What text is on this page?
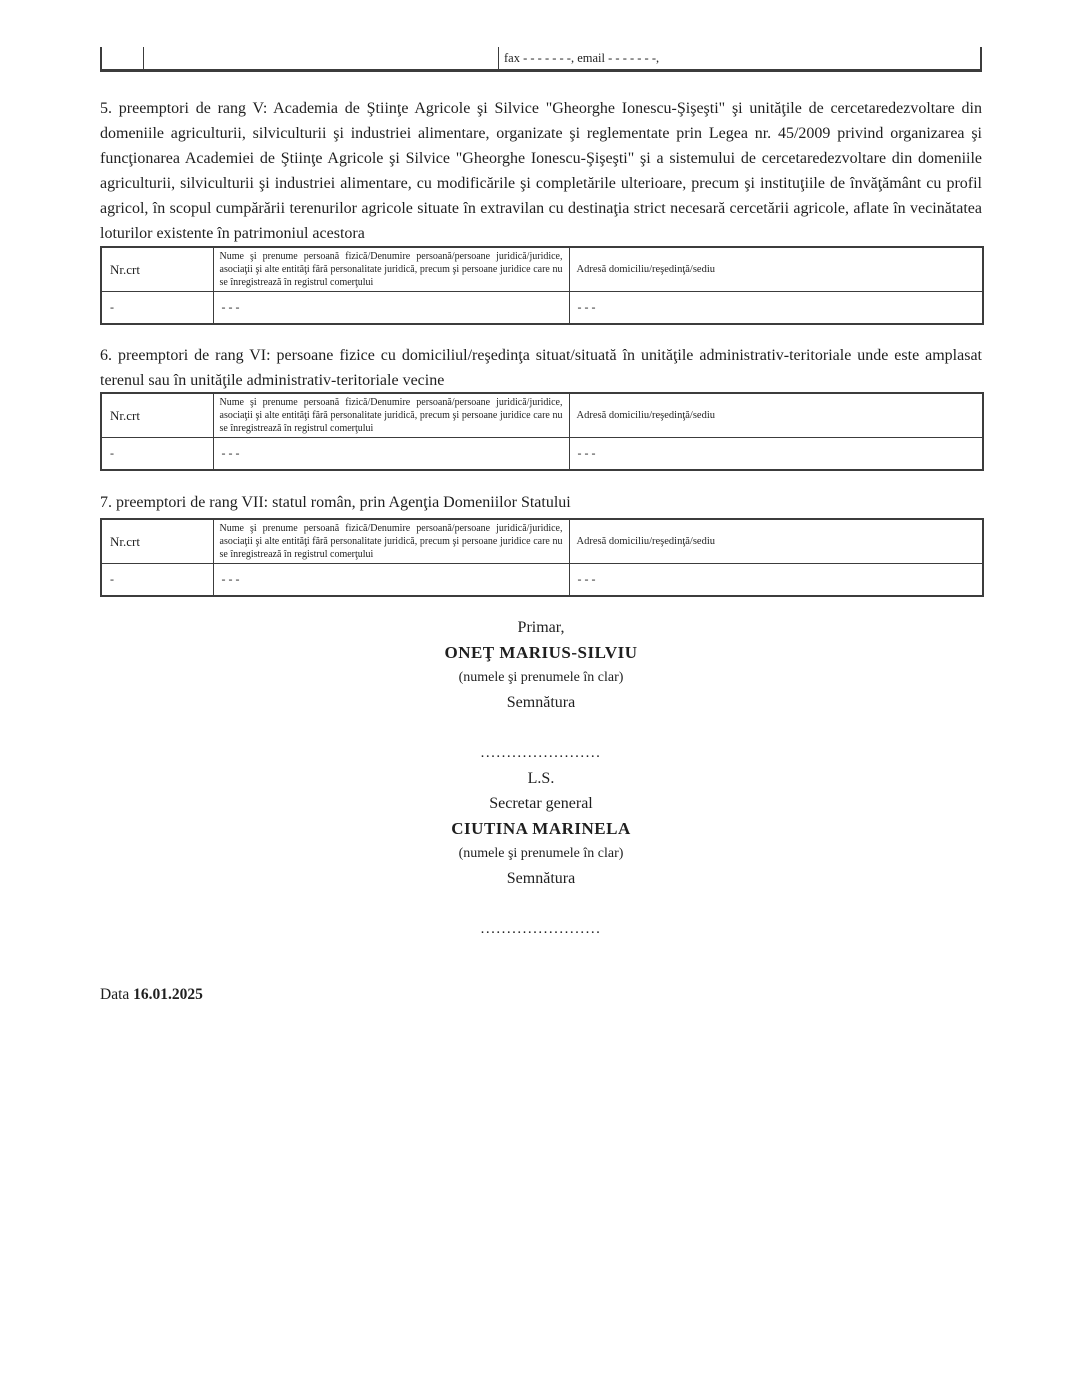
fax - - - - - - -, email - - - - - - -,

5. preemptori de rang V: Academia de Ştiinţe Agricole şi Silvice "Gheorghe Ionescu-Şişeşti" şi unităţile de cercetaredezvoltare din domeniile agriculturii, silviculturii şi industriei alimentare, organizate şi reglementate prin Legea nr. 45/2009 privind organizarea şi funcţionarea Academiei de Ştiinţe Agricole şi Silvice "Gheorghe Ionescu-Şişeşti" şi a sistemului de cercetaredezvoltare din domeniile agriculturii, silviculturii şi industriei alimentare, cu modificările şi completările ulterioare, precum şi instituţiile de învăţământ cu profil agricol, în scopul cumpărării terenurilor agricole situate în extravilan cu destinaţia strict necesară cercetării agricole, aflate în vecinătatea loturilor existente în patrimoniul acestora

Nr.crt	Nume şi prenume persoană fizică/Denumire persoană/persoane juridică/juridice, asociaţii şi alte entităţi fără personalitate juridică, precum şi persoane juridice care nu se înregistrează în registrul comerţului	Adresă domiciliu/reşedinţă/sediu
-	- - -	- - -

6. preemptori de rang VI: persoane fizice cu domiciliul/reşedinţa situat/situată în unităţile administrativ-teritoriale unde este amplasat terenul sau în unităţile administrativ-teritoriale vecine

Nr.crt	Nume şi prenume persoană fizică/Denumire persoană/persoane juridică/juridice, asociaţii şi alte entităţi fără personalitate juridică, precum şi persoane juridice care nu se înregistrează în registrul comerţului	Adresă domiciliu/reşedinţă/sediu
-	- - -	- - -

7. preemptori de rang VII: statul român, prin Agenţia Domeniilor Statului

Nr.crt	Nume şi prenume persoană fizică/Denumire persoană/persoane juridică/juridice, asociaţii şi alte entităţi fără personalitate juridică, precum şi persoane juridice care nu se înregistrează în registrul comerţului	Adresă domiciliu/reşedinţă/sediu
-	- - -	- - -

Primar,

ONEŢ MARIUS-SILVIU

(numele şi prenumele în clar)

Semnătura

.......................

L.S.

Secretar general

CIUTINA MARINELA

(numele şi prenumele în clar)

Semnătura

.......................

Data 16.01.2025
